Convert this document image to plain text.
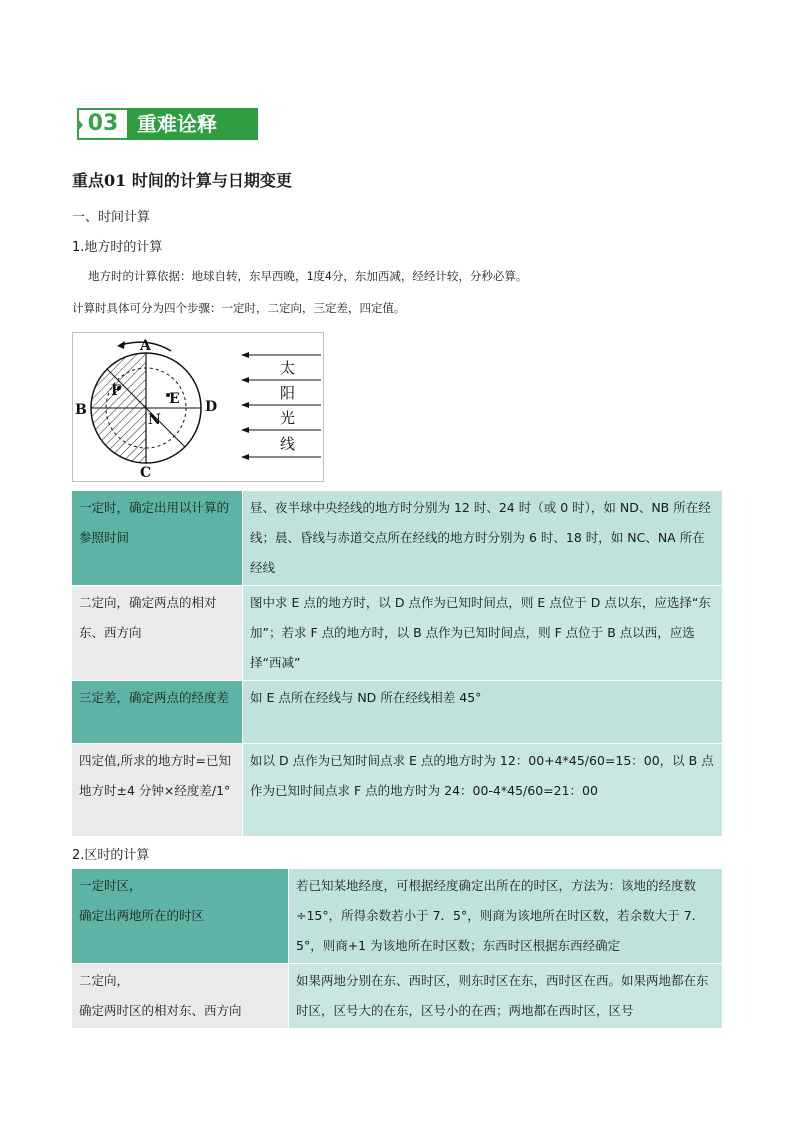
03 重难诠释
重点01 时间的计算与日期变更
一、时间计算
1.地方时的计算
地方时的计算依据：地球自转，东早西晚，1度4分，东加西减，经经计较，分秒必算。
计算时具体可分为四个步骤：一定时，二定向，三定差，四定值。
A
B
C
D
E
F
N
太
阳
光
线
一定时，确定出用以计算的参照时间	昼、夜半球中央经线的地方时分别为 12 时、24 时（或 0 时），如 ND、NB 所在经线；晨、昏线与赤道交点所在经线的地方时分别为 6 时、18 时，如 NC、NA 所在经线
二定向，确定两点的相对东、西方向	图中求 E 点的地方时，以 D 点作为已知时间点，则 E 点位于 D 点以东，应选择“东加”；若求 F 点的地方时，以 B 点作为已知时间点，则 F 点位于 B 点以西，应选择“西减”
三定差，确定两点的经度差	如 E 点所在经线与 ND 所在经线相差 45°
四定值,所求的地方时=已知地方时±4 分钟×经度差/1°	如以 D 点作为已知时间点求 E 点的地方时为 12：00+4*45/60=15：00，以 B 点作为已知时间点求 F 点的地方时为 24：00-4*45/60=21：00
2.区时的计算
一定时区，
确定出两地所在的时区	若已知某地经度，可根据经度确定出所在的时区，方法为：该地的经度数÷15°，所得余数若小于 7．5°，则商为该地所在时区数，若余数大于 7．5°，则商+1 为该地所在时区数；东西时区根据东西经确定
二定向，
确定两时区的相对东、西方向	如果两地分别在东、西时区，则东时区在东，西时区在西。如果两地都在东时区，区号大的在东，区号小的在西；两地都在西时区，区号
